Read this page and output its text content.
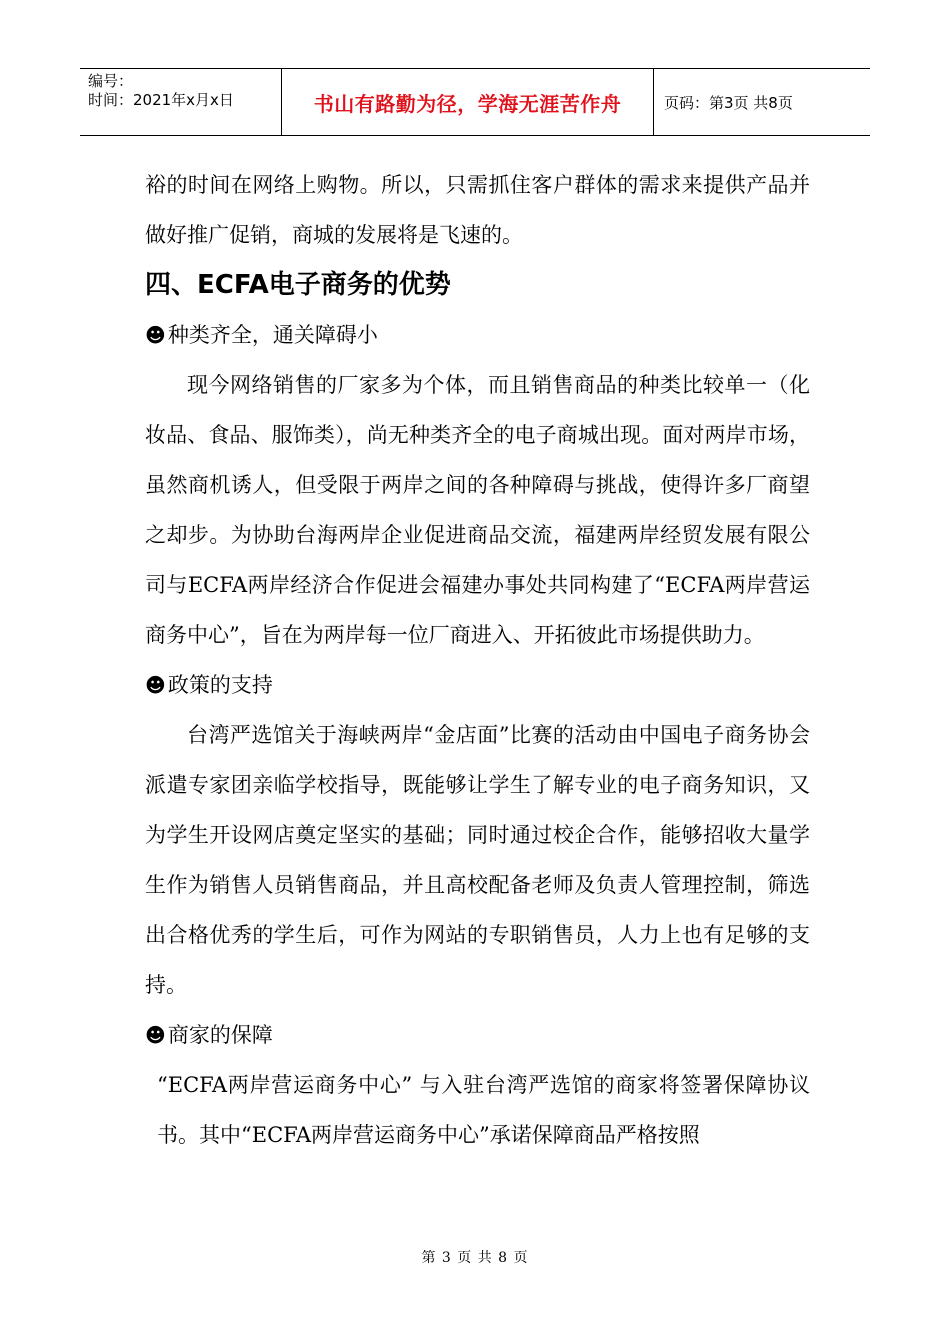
编号：
时间：2021年x月x日	书山有路勤为径，学海无涯苦作舟	页码：第3页 共8页

裕的时间在网络上购物。所以，只需抓住客户群体的需求来提供产品并做好推广促销，商城的发展将是飞速的。

四、ECFA电子商务的优势

☻种类齐全，通关障碍小

现今网络销售的厂家多为个体，而且销售商品的种类比较单一（化妆品、食品、服饰类），尚无种类齐全的电子商城出现。面对两岸市场，虽然商机诱人，但受限于两岸之间的各种障碍与挑战，使得许多厂商望之却步。为协助台海两岸企业促进商品交流，福建两岸经贸发展有限公司与ECFA两岸经济合作促进会福建办事处共同构建了“ECFA两岸营运商务中心”，旨在为两岸每一位厂商进入、开拓彼此市场提供助力。

☻政策的支持

台湾严选馆关于海峡两岸“金店面”比赛的活动由中国电子商务协会派遣专家团亲临学校指导，既能够让学生了解专业的电子商务知识，又为学生开设网店奠定坚实的基础；同时通过校企合作，能够招收大量学生作为销售人员销售商品，并且高校配备老师及负责人管理控制，筛选出合格优秀的学生后，可作为网站的专职销售员，人力上也有足够的支持。

☻商家的保障

“ECFA两岸营运商务中心” 与入驻台湾严选馆的商家将签署保障协议书。其中“ECFA两岸营运商务中心”承诺保障商品严格按照

第 3 页 共 8 页
